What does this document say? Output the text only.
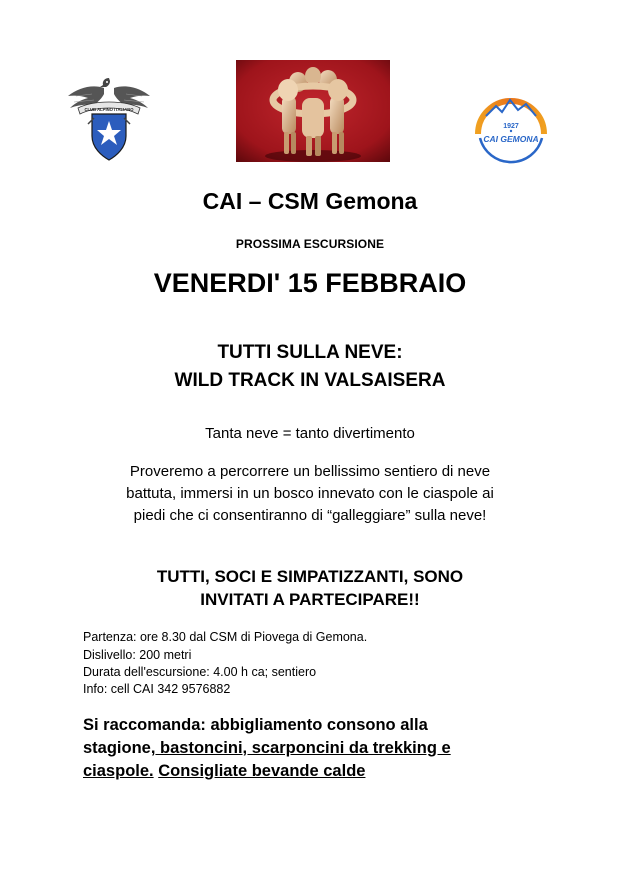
CLUB ALPINO ITALIANO
1927
CAI GEMONA
CAI – CSM Gemona
PROSSIMA ESCURSIONE
VENERDI' 15 FEBBRAIO
TUTTI SULLA NEVE:
WILD TRACK IN VALSAISERA
Tanta neve = tanto divertimento
Proveremo a percorrere un bellissimo sentiero di neve
battuta, immersi in un bosco innevato con le ciaspole ai
piedi che ci consentiranno di “galleggiare” sulla neve!
TUTTI, SOCI E SIMPATIZZANTI, SONO
INVITATI A PARTECIPARE!!
Partenza: ore 8.30 dal CSM di Piovega di Gemona.
Dislivello: 200 metri
Durata dell'escursione: 4.00 h ca; sentiero
Info: cell CAI 342 9576882
Si raccomanda: abbigliamento consono alla
stagione, bastoncini, scarponcini da trekking e
ciaspole. Consigliate bevande calde
